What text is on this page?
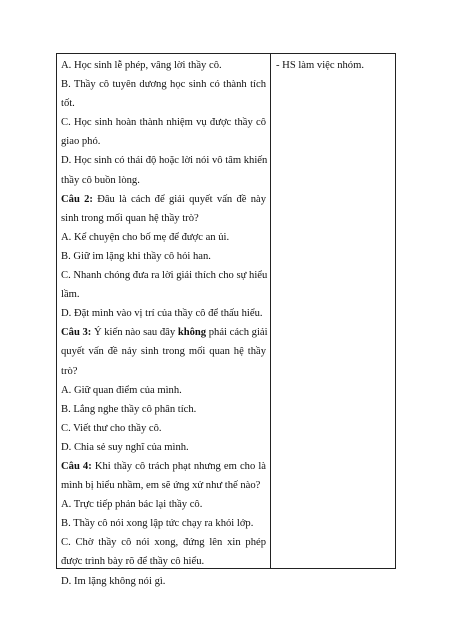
A. Học sinh lễ phép, vâng lời thầy cô.
B. Thầy cô tuyên dương học sinh có thành tích
tốt.
C. Học sinh hoàn thành nhiệm vụ được thầy cô
giao phó.
D. Học sinh có thái độ hoặc lời nói vô tâm khiến
thầy cô buồn lòng.
Câu 2: Đâu là cách để giải quyết vấn đề này
sinh trong mối quan hệ thầy trò?
A. Kể chuyện cho bố mẹ để được an ủi.
B. Giữ im lặng khi thầy cô hỏi han.
C. Nhanh chóng đưa ra lời giải thích cho sự hiểu
lầm.
D. Đặt mình vào vị trí của thầy cô để thấu hiểu.
Câu 3: Ý kiến nào sau đây không phải cách giải
quyết vấn đề nảy sinh trong mối quan hệ thầy
trò?
A. Giữ quan điểm của mình.
B. Lắng nghe thầy cô phân tích.
C. Viết thư cho thầy cô.
D. Chia sẻ suy nghĩ của mình.
Câu 4: Khi thầy cô trách phạt nhưng em cho là
mình bị hiểu nhầm, em sẽ ứng xử như thế nào?
A. Trực tiếp phản bác lại thầy cô.
B. Thầy cô nói xong lập tức chạy ra khỏi lớp.
C. Chờ thầy cô nói xong, đứng lên xin phép
được trình bày rõ để thầy cô hiểu.
D. Im lặng không nói gì.
- HS làm việc nhóm.
